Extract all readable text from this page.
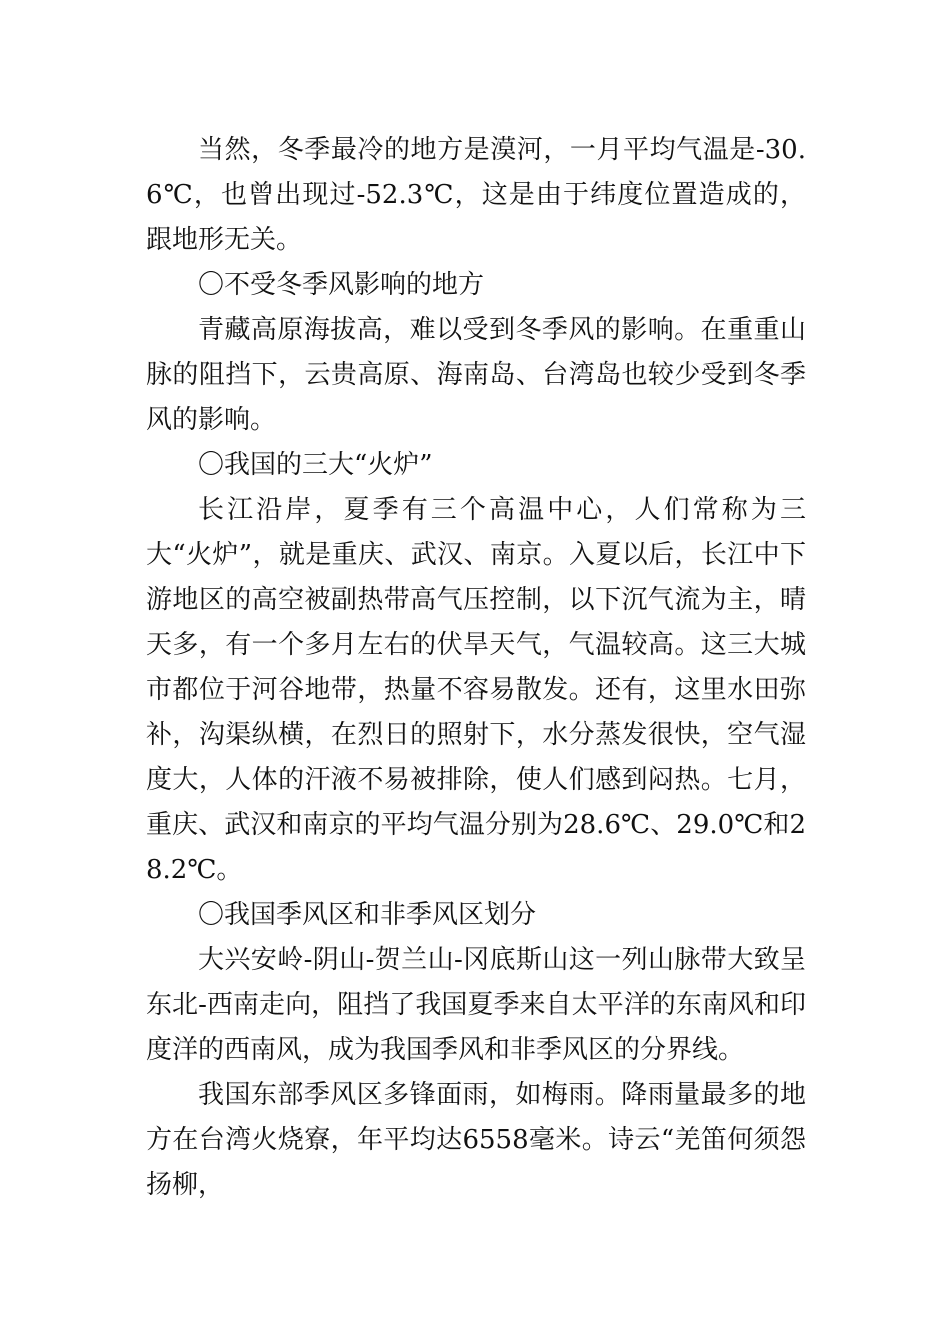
当然，冬季最冷的地方是漠河，一月平均气温是-30.6℃，也曾出现过-52.3℃，这是由于纬度位置造成的，跟地形无关。

〇不受冬季风影响的地方

青藏高原海拔高，难以受到冬季风的影响。在重重山脉的阻挡下，云贵高原、海南岛、台湾岛也较少受到冬季风的影响。

〇我国的三大“火炉”

长江沿岸，夏季有三个高温中心，人们常称为三大“火炉”，就是重庆、武汉、南京。入夏以后，长江中下游地区的高空被副热带高气压控制，以下沉气流为主，晴天多，有一个多月左右的伏旱天气，气温较高。这三大城市都位于河谷地带，热量不容易散发。还有，这里水田弥补，沟渠纵横，在烈日的照射下，水分蒸发很快，空气湿度大，人体的汗液不易被排除，使人们感到闷热。七月，重庆、武汉和南京的平均气温分别为28.6℃、29.0℃和28.2℃。

〇我国季风区和非季风区划分

大兴安岭-阴山-贺兰山-冈底斯山这一列山脉带大致呈东北-西南走向，阻挡了我国夏季来自太平洋的东南风和印度洋的西南风，成为我国季风和非季风区的分界线。

我国东部季风区多锋面雨，如梅雨。降雨量最多的地方在台湾火烧寮，年平均达6558毫米。诗云“羌笛何须怨扬柳，
